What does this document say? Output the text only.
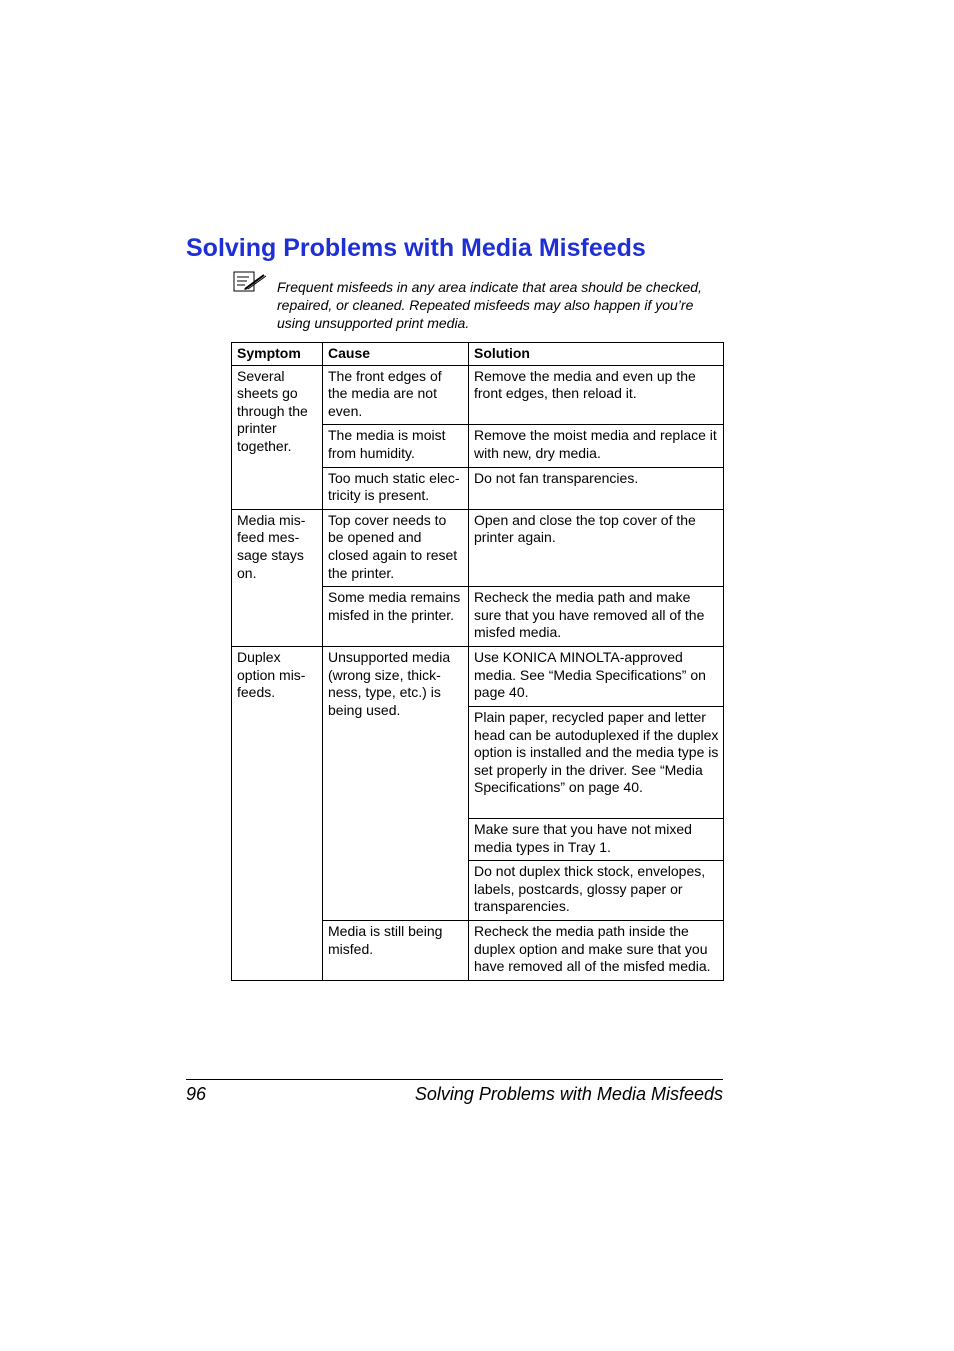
Solving Problems with Media Misfeeds
Frequent misfeeds in any area indicate that area should be checked, repaired, or cleaned. Repeated misfeeds may also happen if you’re using unsupported print media.
Symptom	Cause	Solution
Several sheets go through the printer together.	The front edges of the media are not even.	Remove the media and even up the front edges, then reload it.
	The media is moist from humidity.	Remove the moist media and replace it with new, dry media.
	Too much static elec-tricity is present.	Do not fan transparencies.
Media mis-feed mes-sage stays on.	Top cover needs to be opened and closed again to reset the printer.	Open and close the top cover of the printer again.
	Some media remains misfed in the printer.	Recheck the media path and make sure that you have removed all of the misfed media.
Duplex option mis-feeds.	Unsupported media (wrong size, thick-ness, type, etc.) is being used.	Use KONICA MINOLTA-approved media. See “Media Specifications” on page 40.
		Plain paper, recycled paper and letter head can be autoduplexed if the duplex option is installed and the media type is set properly in the driver. See “Media Specifications” on page 40.
		Make sure that you have not mixed media types in Tray 1.
		Do not duplex thick stock, envelopes, labels, postcards, glossy paper or transparencies.
	Media is still being misfed.	Recheck the media path inside the duplex option and make sure that you have removed all of the misfed media.
96	Solving Problems with Media Misfeeds
